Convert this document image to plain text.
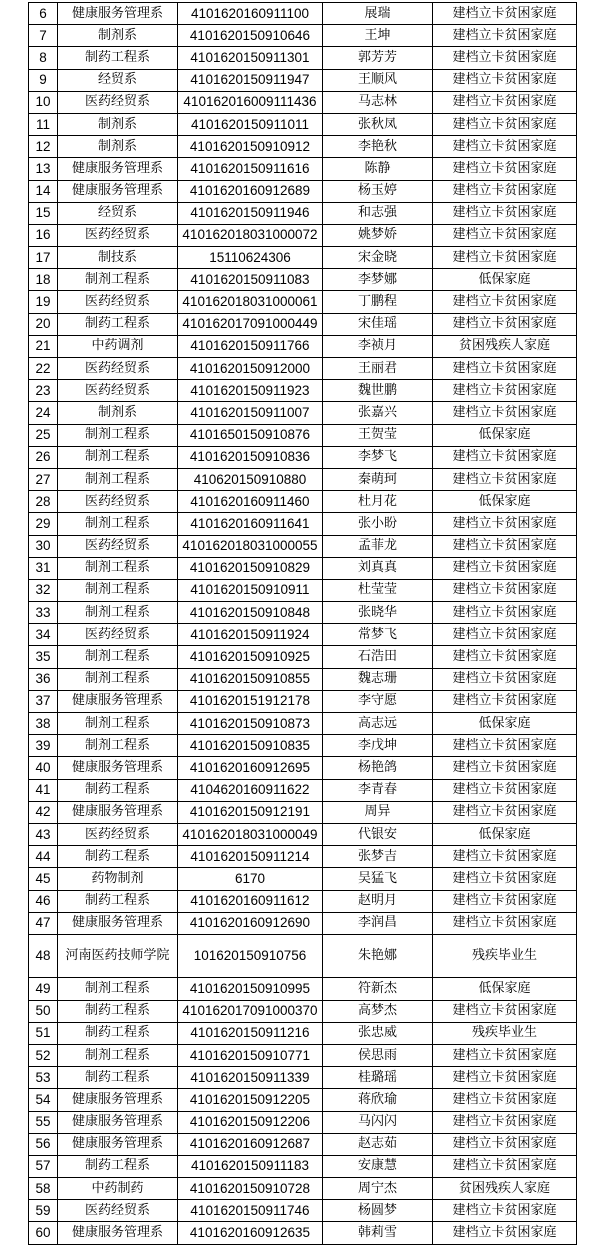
6	健康服务管理系	4101620160911100	展瑞	建档立卡贫困家庭
7	制剂系	4101620150910646	王坤	建档立卡贫困家庭
8	制药工程系	4101620150911301	郭芳芳	建档立卡贫困家庭
9	经贸系	4101620150911947	王顺风	建档立卡贫困家庭
10	医药经贸系	410162016009111436	马志林	建档立卡贫困家庭
11	制剂系	4101620150911011	张秋凤	建档立卡贫困家庭
12	制剂系	4101620150910912	李艳秋	建档立卡贫困家庭
13	健康服务管理系	4101620150911616	陈静	建档立卡贫困家庭
14	健康服务管理系	4101620160912689	杨玉婷	建档立卡贫困家庭
15	经贸系	4101620150911946	和志强	建档立卡贫困家庭
16	医药经贸系	410162018031000072	姚梦娇	建档立卡贫困家庭
17	制技系	15110624306	宋金晓	建档立卡贫困家庭
18	制剂工程系	4101620150911083	李梦娜	低保家庭
19	医药经贸系	410162018031000061	丁鹏程	建档立卡贫困家庭
20	制药工程系	410162017091000449	宋佳瑶	建档立卡贫困家庭
21	中药调剂	4101620150911766	李祯月	贫困残疾人家庭
22	医药经贸系	4101620150912000	王丽君	建档立卡贫困家庭
23	医药经贸系	4101620150911923	魏世鹏	建档立卡贫困家庭
24	制剂系	4101620150911007	张嘉兴	建档立卡贫困家庭
25	制剂工程系	4101650150910876	王贺莹	低保家庭
26	制剂工程系	4101620150910836	李梦飞	建档立卡贫困家庭
27	制剂工程系	410620150910880	秦萌珂	建档立卡贫困家庭
28	医药经贸系	4101620160911460	杜月花	低保家庭
29	制剂工程系	4101620160911641	张小盼	建档立卡贫困家庭
30	医药经贸系	410162018031000055	孟菲龙	建档立卡贫困家庭
31	制剂工程系	4101620150910829	刘真真	建档立卡贫困家庭
32	制剂工程系	4101620150910911	杜莹莹	建档立卡贫困家庭
33	制剂工程系	4101620150910848	张晓华	建档立卡贫困家庭
34	医药经贸系	4101620150911924	常梦飞	建档立卡贫困家庭
35	制剂工程系	4101620150910925	石浩田	建档立卡贫困家庭
36	制剂工程系	4101620150910855	魏志珊	建档立卡贫困家庭
37	健康服务管理系	4101620151912178	李守愿	建档立卡贫困家庭
38	制剂工程系	4101620150910873	高志远	低保家庭
39	制剂工程系	4101620150910835	李戊坤	建档立卡贫困家庭
40	健康服务管理系	4101620160912695	杨艳鸽	建档立卡贫困家庭
41	制药工程系	4104620160911622	李青春	建档立卡贫困家庭
42	健康服务管理系	4101620150912191	周异	建档立卡贫困家庭
43	医药经贸系	410162018031000049	代银安	低保家庭
44	制药工程系	4101620150911214	张梦吉	建档立卡贫困家庭
45	药物制剂	6170	吴猛飞	建档立卡贫困家庭
46	制药工程系	4101620160911612	赵明月	建档立卡贫困家庭
47	健康服务管理系	4101620160912690	李润昌	建档立卡贫困家庭
48	河南医药技师学院	101620150910756	朱艳娜	残疾毕业生
49	制剂工程系	4101620150910995	符新杰	低保家庭
50	制药工程系	410162017091000370	高梦杰	建档立卡贫困家庭
51	制药工程系	4101620150911216	张忠威	残疾毕业生
52	制剂工程系	4101620150910771	侯思雨	建档立卡贫困家庭
53	制药工程系	4101620150911339	桂璐瑶	建档立卡贫困家庭
54	健康服务管理系	4101620150912205	蒋欣瑜	建档立卡贫困家庭
55	健康服务管理系	4101620150912206	马闪闪	建档立卡贫困家庭
56	健康服务管理系	4101620160912687	赵志茹	建档立卡贫困家庭
57	制药工程系	4101620150911183	安康慧	建档立卡贫困家庭
58	中药制药	4101620150910728	周宁杰	贫困残疾人家庭
59	医药经贸系	4101620150911746	杨圆梦	建档立卡贫困家庭
60	健康服务管理系	4101620160912635	韩莉雪	建档立卡贫困家庭
